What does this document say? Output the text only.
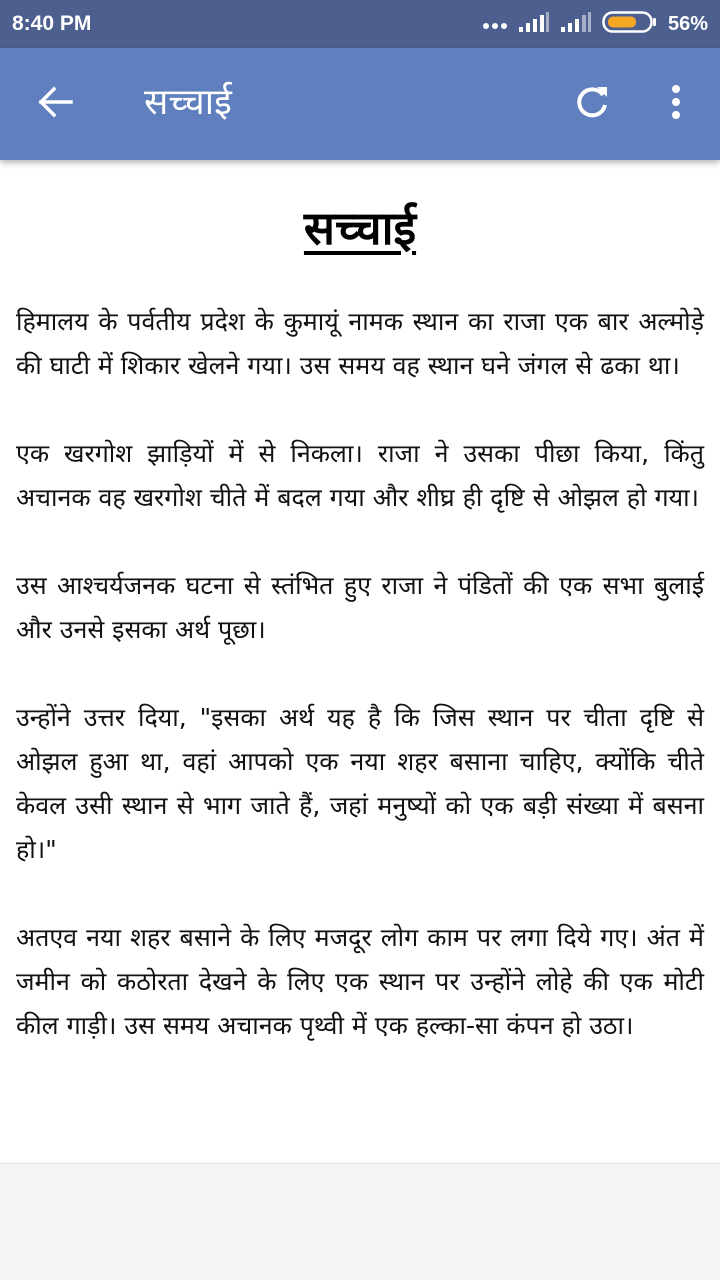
8:40 PM	56%
सच्चाई
सच्चाई

हिमालय के पर्वतीय प्रदेश के कुमायूं नामक स्थान का राजा एक बार अल्मोड़े की घाटी में शिकार खेलने गया। उस समय वह स्थान घने जंगल से ढका था।

एक खरगोश झाड़ियों में से निकला। राजा ने उसका पीछा किया, किंतु अचानक वह खरगोश चीते में बदल गया और शीघ्र ही दृष्टि से ओझल हो गया।

उस आश्चर्यजनक घटना से स्तंभित हुए राजा ने पंडितों की एक सभा बुलाई और उनसे इसका अर्थ पूछा।

उन्होंने उत्तर दिया, "इसका अर्थ यह है कि जिस स्थान पर चीता दृष्टि से ओझल हुआ था, वहां आपको एक नया शहर बसाना चाहिए, क्योंकि चीते केवल उसी स्थान से भाग जाते हैं, जहां मनुष्यों को एक बड़ी संख्या में बसना हो।"

अतएव नया शहर बसाने के लिए मजदूर लोग काम पर लगा दिये गए। अंत में जमीन को कठोरता देखने के लिए एक स्थान पर उन्होंने लोहे की एक मोटी कील गाड़ी। उस समय अचानक पृथ्वी में एक हल्का-सा कंपन हो उठा।
